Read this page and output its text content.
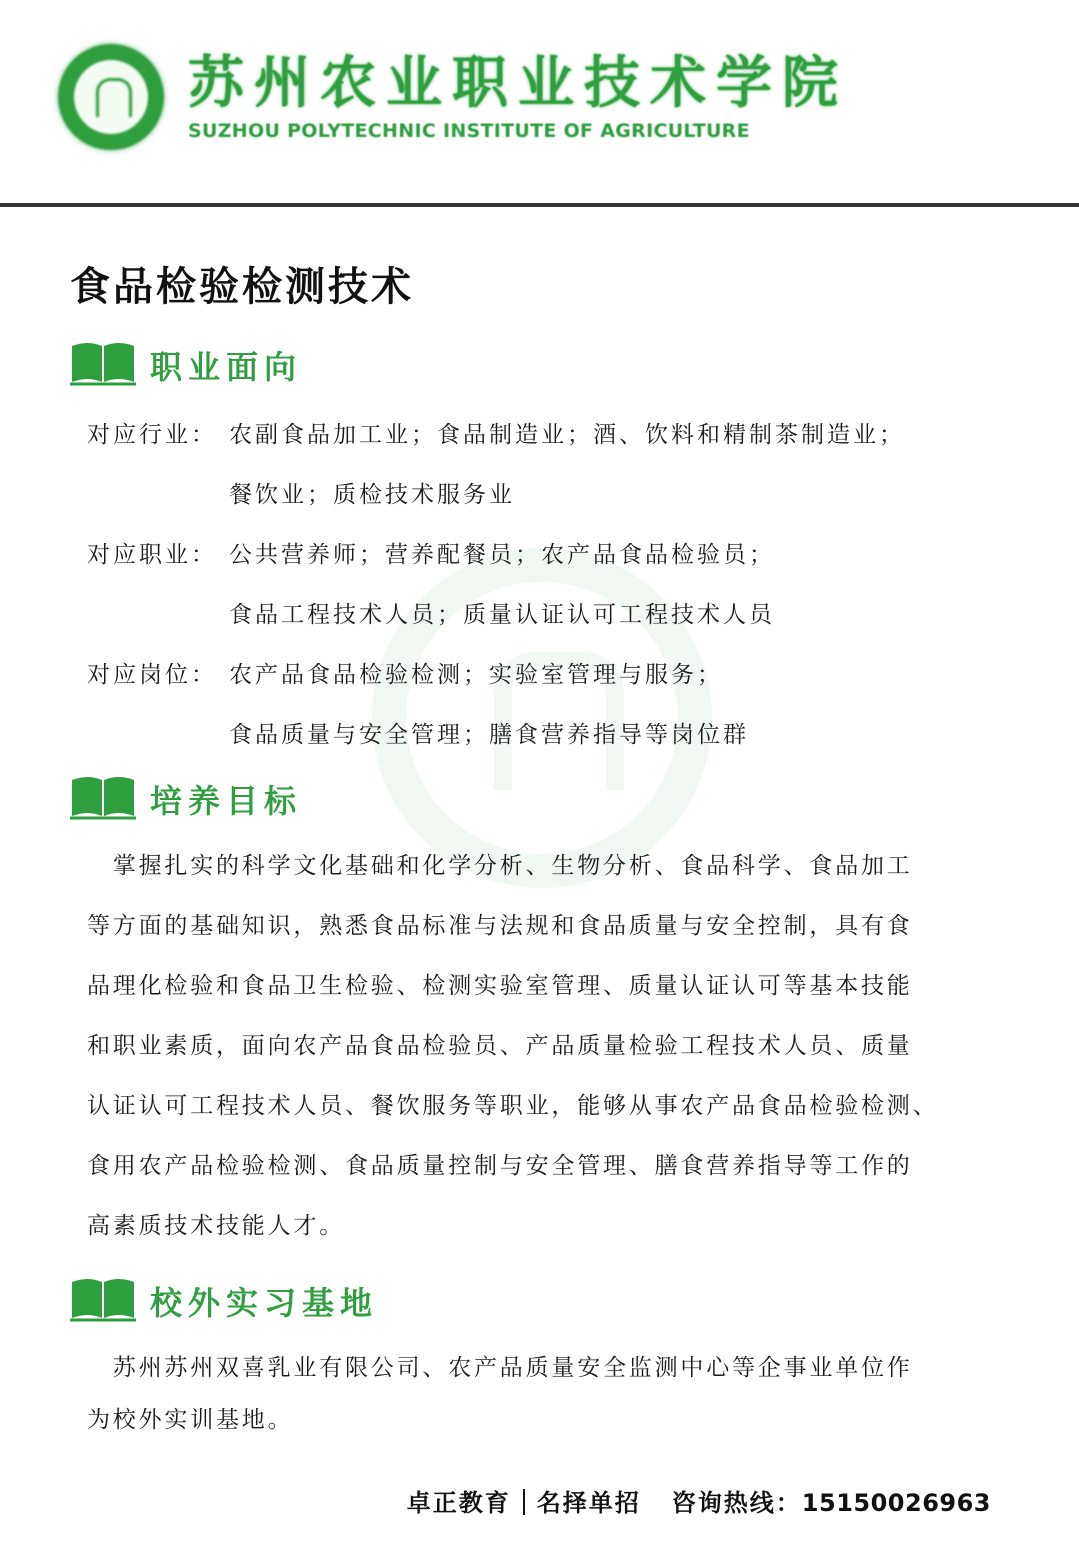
苏州农业职业技术学院
SUZHOU POLYTECHNIC INSTITUTE OF AGRICULTURE
食品检验检测技术
职业面向
对应行业： 农副食品加工业；食品制造业；酒、饮料和精制茶制造业；
餐饮业；质检技术服务业
对应职业： 公共营养师；营养配餐员；农产品食品检验员；
食品工程技术人员；质量认证认可工程技术人员
对应岗位： 农产品食品检验检测；实验室管理与服务；
食品质量与安全管理；膳食营养指导等岗位群
培养目标
　掌握扎实的科学文化基础和化学分析、生物分析、食品科学、食品加工
等方面的基础知识，熟悉食品标准与法规和食品质量与安全控制，具有食
品理化检验和食品卫生检验、检测实验室管理、质量认证认可等基本技能
和职业素质，面向农产品食品检验员、产品质量检验工程技术人员、质量
认证认可工程技术人员、餐饮服务等职业，能够从事农产品食品检验检测、
食用农产品检验检测、食品质量控制与安全管理、膳食营养指导等工作的
高素质技术技能人才。
校外实习基地
　苏州苏州双喜乳业有限公司、农产品质量安全监测中心等企事业单位作
为校外实训基地。
卓正教育 名择单招 咨询热线：15150026963
